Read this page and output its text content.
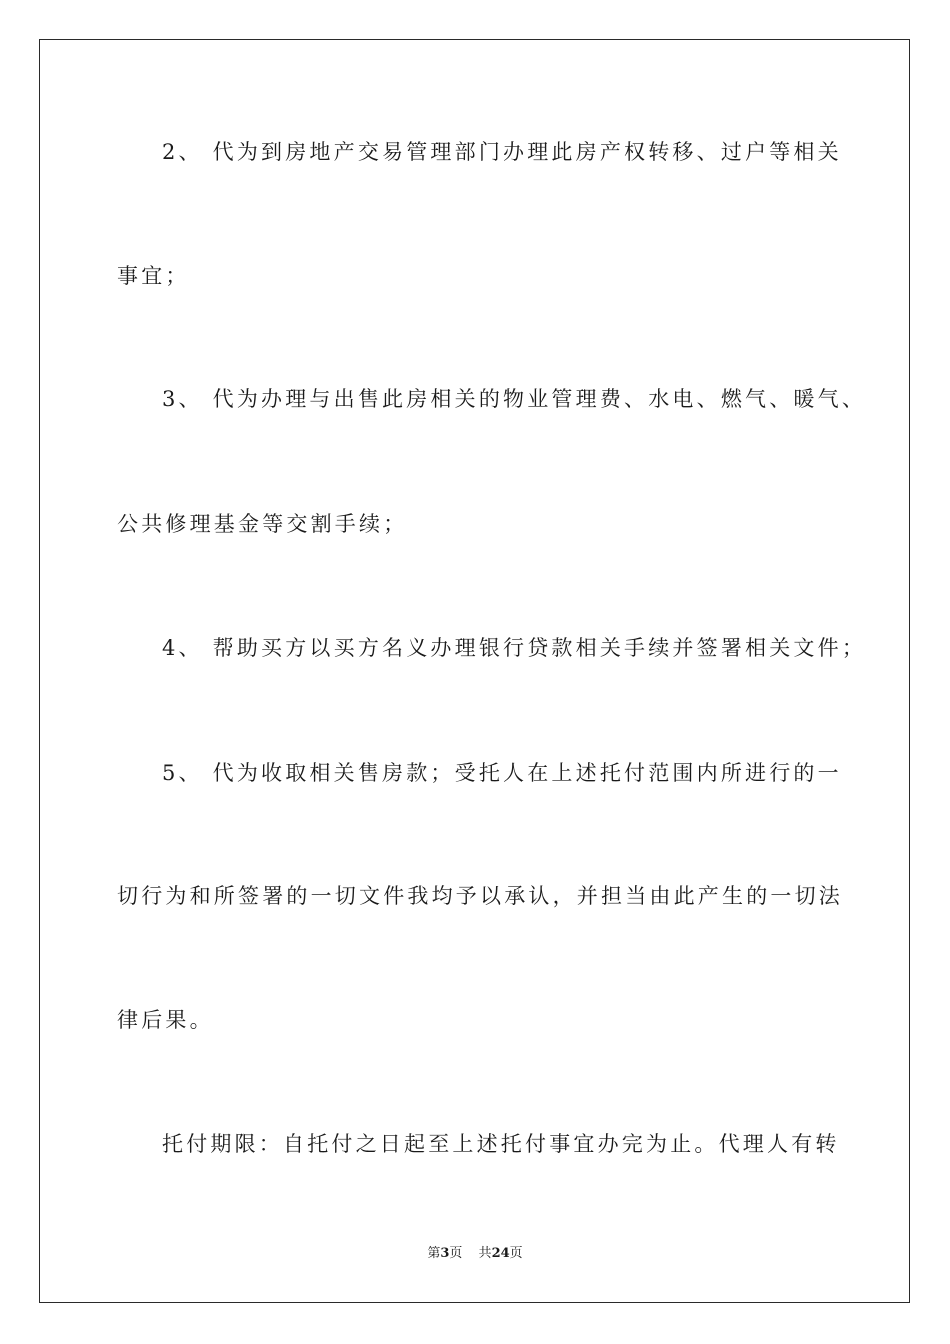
2、 代为到房地产交易管理部门办理此房产权转移、过户等相关
事宜；
3、 代为办理与出售此房相关的物业管理费、水电、燃气、暖气、
公共修理基金等交割手续；
4、 帮助买方以买方名义办理银行贷款相关手续并签署相关文件；
5、 代为收取相关售房款；受托人在上述托付范围内所进行的一
切行为和所签署的一切文件我均予以承认，并担当由此产生的一切法
律后果。
托付期限：自托付之日起至上述托付事宜办完为止。代理人有转
第3页 共24页
